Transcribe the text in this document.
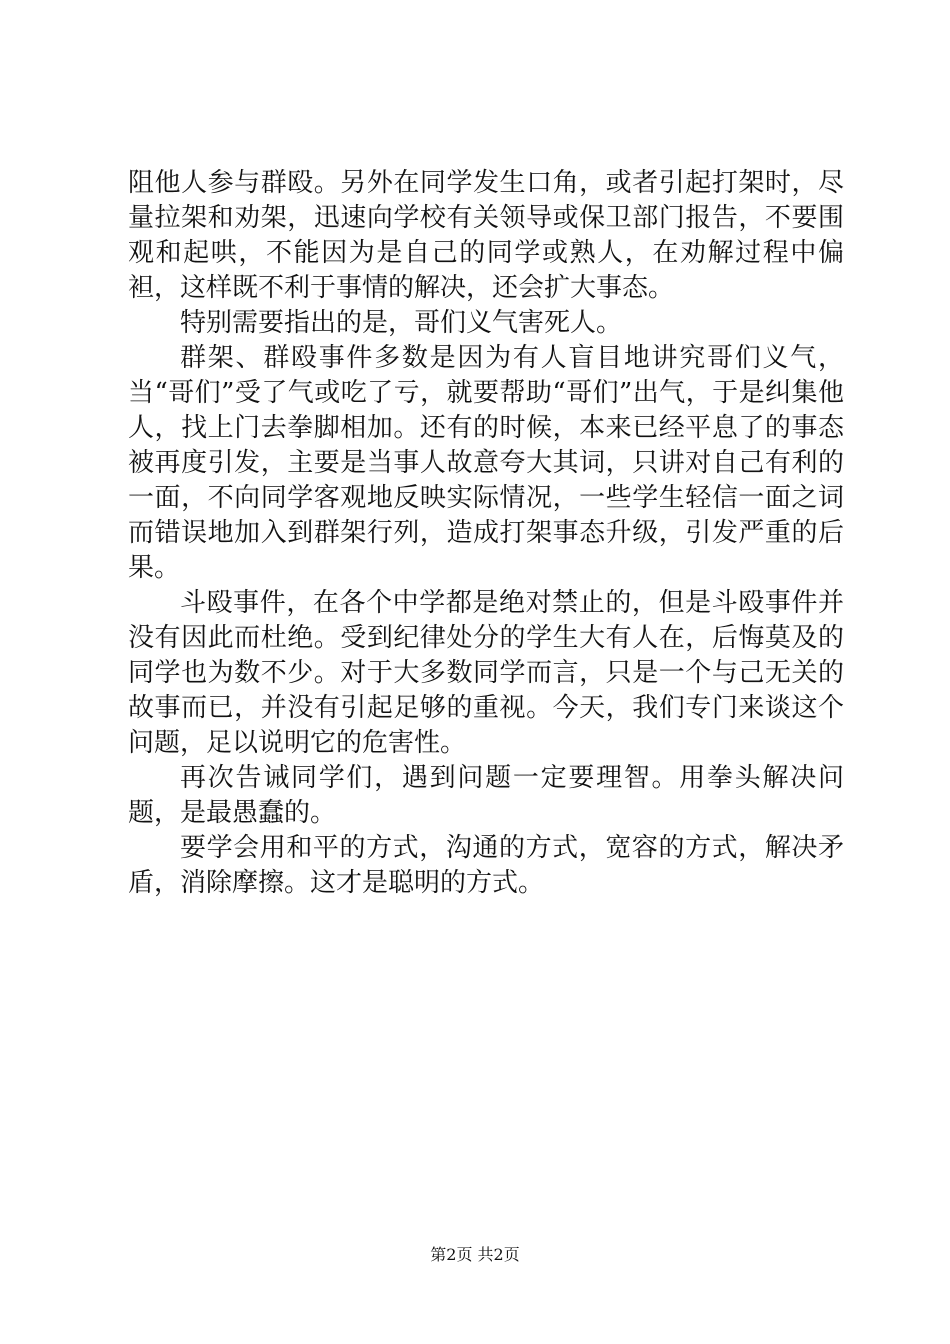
阻他人参与群殴。另外在同学发生口角，或者引起打架时，尽量拉架和劝架，迅速向学校有关领导或保卫部门报告，不要围观和起哄，不能因为是自己的同学或熟人，在劝解过程中偏袒，这样既不利于事情的解决，还会扩大事态。

特别需要指出的是，哥们义气害死人。

群架、群殴事件多数是因为有人盲目地讲究哥们义气，当“哥们”受了气或吃了亏，就要帮助“哥们”出气，于是纠集他人，找上门去拳脚相加。还有的时候，本来已经平息了的事态被再度引发，主要是当事人故意夸大其词，只讲对自己有利的一面，不向同学客观地反映实际情况，一些学生轻信一面之词而错误地加入到群架行列，造成打架事态升级，引发严重的后果。

斗殴事件，在各个中学都是绝对禁止的，但是斗殴事件并没有因此而杜绝。受到纪律处分的学生大有人在，后悔莫及的同学也为数不少。对于大多数同学而言，只是一个与己无关的故事而已，并没有引起足够的重视。今天，我们专门来谈这个问题，足以说明它的危害性。

再次告诫同学们，遇到问题一定要理智。用拳头解决问题，是最愚蠢的。

要学会用和平的方式，沟通的方式，宽容的方式，解决矛盾，消除摩擦。这才是聪明的方式。

第2页 共2页
